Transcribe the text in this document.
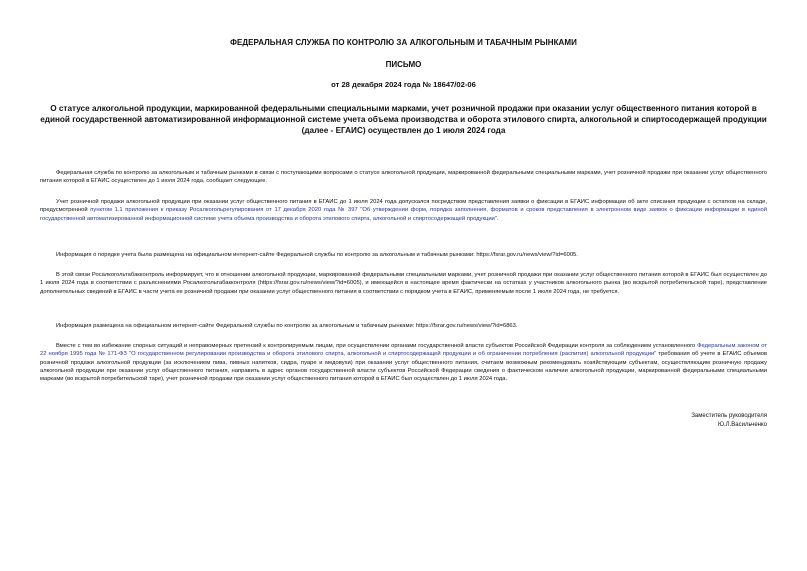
ФЕДЕРАЛЬНАЯ СЛУЖБА ПО КОНТРОЛЮ ЗА АЛКОГОЛЬНЫМ И ТАБАЧНЫМ РЫНКАМИ
ПИСЬМО
от 28 декабря 2024 года № 18647/02-06
О статусе алкогольной продукции, маркированной федеральными специальными марками, учет розничной продажи при оказании услуг общественного питания которой в единой государственной автоматизированной информационной системе учета объема производства и оборота этилового спирта, алкогольной и спиртосодержащей продукции (далее - ЕГАИС) осуществлен до 1 июля 2024 года

Федеральная служба по контролю за алкогольным и табачным рынками в связи с поступающими вопросами о статусе алкогольной продукции, маркированной федеральными специальными марками, учет розничной продажи при оказании услуг общественного питания которой в ЕГАИС осуществлен до 1 июля 2024 года, сообщает следующее.

Учет розничной продажи алкогольной продукции при оказании услуг общественного питания в ЕГАИС до 1 июля 2024 года допускался посредством представления заявки о фиксации в ЕГАИС информации об акте списания продукции с остатков на складе, предусмотренной пунктом 1.1 приложения к приказу Росалкогольрегулирования от 17 декабря 2020 года № 397 "Об утверждении форм, порядка заполнения, форматов и сроков представления в электронном виде заявок о фиксации информации в единой государственной автоматизированной информационной системе учета объема производства и оборота этилового спирта, алкогольной и спиртосодержащей продукции".

Информация о порядке учета была размещена на официальном интернет-сайте Федеральной службы по контролю за алкогольным и табачным рынками: https://fsrar.gov.ru/news/view/?id=6005.

В этой связи Росалкогольтабакконтроль информирует, что в отношении алкогольной продукции, маркированной федеральными специальными марками, учет розничной продажи при оказании услуг общественного питания которой в ЕГАИС был осуществлен до 1 июля 2024 года в соответствии с разъяснениями Росалкогольтабакконтроля (https://fsrar.gov.ru/news/view/?id=6005), и имеющейся в настоящее время фактически на остатках у участников алкогольного рынка (во вскрытой потребительской таре), представление дополнительных сведений в ЕГАИС в части учета ее розничной продажи при оказании услуг общественного питания в соответствии с порядком учета в ЕГАИС, применяемым после 1 июля 2024 года, не требуется.

Информация размещена на официальном интернет-сайте Федеральной службы по контролю за алкогольным и табачным рынками: https://fsrar.gov.ru/news/view/?id=6863.

Вместе с тем во избежание спорных ситуаций и неправомерных претензий к контролируемым лицам, при осуществлении органами государственной власти субъектов Российской Федерации контроля за соблюдением установленного Федеральным законом от 22 ноября 1995 года № 171-ФЗ "О государственном регулировании производства и оборота этилового спирта, алкогольной и спиртосодержащей продукции и об ограничении потребления (распития) алкогольной продукции" требования об учете в ЕГАИС объемов розничной продажи алкогольной продукции (за исключением пива, пивных напитков, сидра, пуаре и медовухи) при оказании услуг общественного питания, считаем возможным рекомендовать хозяйствующим субъектам, осуществляющим розничную продажу алкогольной продукции при оказании услуг общественного питания, направить в адрес органов государственной власти субъектов Российской Федерации сведения о фактическом наличии алкогольной продукции, маркированной федеральными специальными марками (во вскрытой потребительской таре), учет розничной продажи при оказании услуг общественного питания которой в ЕГАИС был осуществлен до 1 июля 2024 года.

Заместитель руководителя
Ю.Л.Васильченко
